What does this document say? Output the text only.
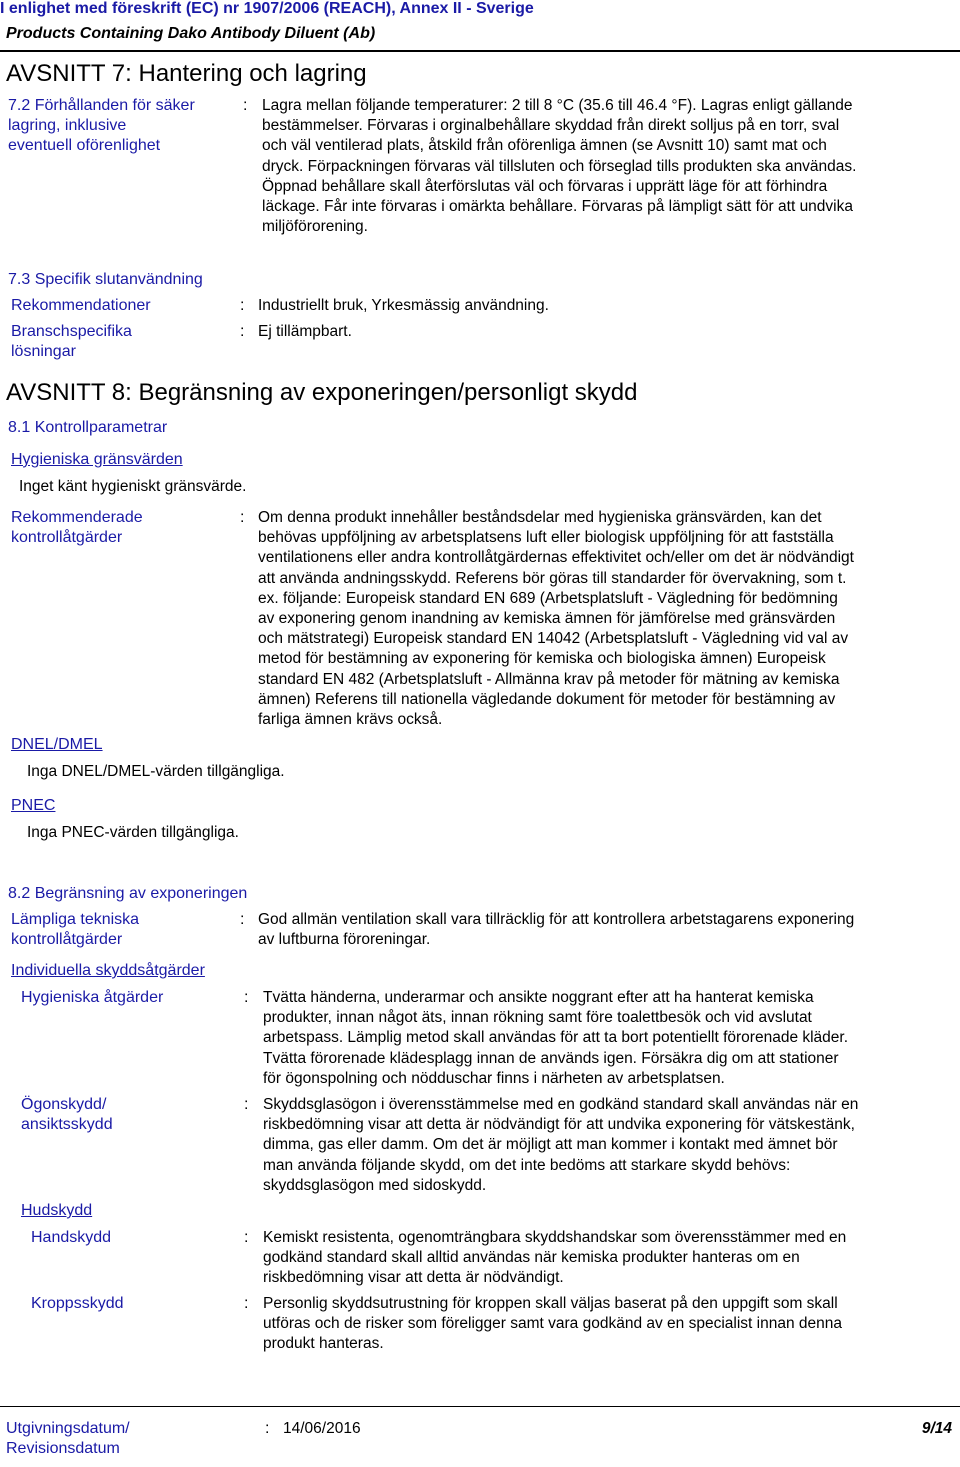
I enlighet med föreskrift (EC) nr 1907/2006 (REACH), Annex II - Sverige
Products Containing Dako Antibody Diluent (Ab)
AVSNITT 7: Hantering och lagring
7.2 Förhållanden för säker
lagring, inklusive
eventuell oförenlighet
: Lagra mellan följande temperaturer: 2 till 8 °C (35.6 till 46.4 °F). Lagras enligt gällande
bestämmelser. Förvaras i orginalbehållare skyddad från direkt solljus på en torr, sval
och väl ventilerad plats, åtskild från oförenliga ämnen (se Avsnitt 10) samt mat och
dryck. Förpackningen förvaras väl tillsluten och förseglad tills produkten ska användas.
Öppnad behållare skall återförslutas väl och förvaras i upprätt läge för att förhindra
läckage. Får inte förvaras i omärkta behållare. Förvaras på lämpligt sätt för att undvika
miljöförorening.
7.3 Specifik slutanvändning
Rekommendationer	: Industriellt bruk, Yrkesmässig användning.
Branschspecifika
lösningar
: Ej tillämpbart.
AVSNITT 8: Begränsning av exponeringen/personligt skydd
8.1 Kontrollparametrar
Hygieniska gränsvärden
Inget känt hygieniskt gränsvärde.
Rekommenderade
kontrollåtgärder
: Om denna produkt innehåller beståndsdelar med hygieniska gränsvärden, kan det
behövas uppföljning av arbetsplatsens luft eller biologisk uppföljning för att fastställa
ventilationens eller andra kontrollåtgärdernas effektivitet och/eller om det är nödvändigt
att använda andningsskydd. Referens bör göras till standarder för övervakning, som t.
ex. följande: Europeisk standard EN 689 (Arbetsplatsluft - Vägledning för bedömning
av exponering genom inandning av kemiska ämnen för jämförelse med gränsvärden
och mätstrategi) Europeisk standard EN 14042 (Arbetsplatsluft - Vägledning vid val av
metod för bestämning av exponering för kemiska och biologiska ämnen) Europeisk
standard EN 482 (Arbetsplatsluft - Allmänna krav på metoder för mätning av kemiska
ämnen) Referens till nationella vägledande dokument för metoder för bestämning av
farliga ämnen krävs också.
DNEL/DMEL
Inga DNEL/DMEL-värden tillgängliga.
PNEC
Inga PNEC-värden tillgängliga.
8.2 Begränsning av exponeringen
Lämpliga tekniska
kontrollåtgärder
: God allmän ventilation skall vara tillräcklig för att kontrollera arbetstagarens exponering
av luftburna föroreningar.
Individuella skyddsåtgärder
Hygieniska åtgärder	: Tvätta händerna, underarmar och ansikte noggrant efter att ha hanterat kemiska
produkter, innan något äts, innan rökning samt före toalettbesök och vid avslutat
arbetspass. Lämplig metod skall användas för att ta bort potentiellt förorenade kläder.
Tvätta förorenade klädesplagg innan de används igen. Försäkra dig om att stationer
för ögonspolning och nödduschar finns i närheten av arbetsplatsen.
Ögonskydd/
ansiktsskydd
: Skyddsglasögon i överensstämmelse med en godkänd standard skall användas när en
riskbedömning visar att detta är nödvändigt för att undvika exponering för vätskestänk,
dimma, gas eller damm. Om det är möjligt att man kommer i kontakt med ämnet bör
man använda följande skydd, om det inte bedöms att starkare skydd behövs:
skyddsglasögon med sidoskydd.
Hudskydd
Handskydd	: Kemiskt resistenta, ogenomträngbara skyddshandskar som överensstämmer med en
godkänd standard skall alltid användas när kemiska produkter hanteras om en
riskbedömning visar att detta är nödvändigt.
Kroppsskydd	: Personlig skyddsutrustning för kroppen skall väljas baserat på den uppgift som skall
utföras och de risker som föreligger samt vara godkänd av en specialist innan denna
produkt hanteras.
Utgivningsdatum/
Revisionsdatum
: 14/06/2016	9/14
